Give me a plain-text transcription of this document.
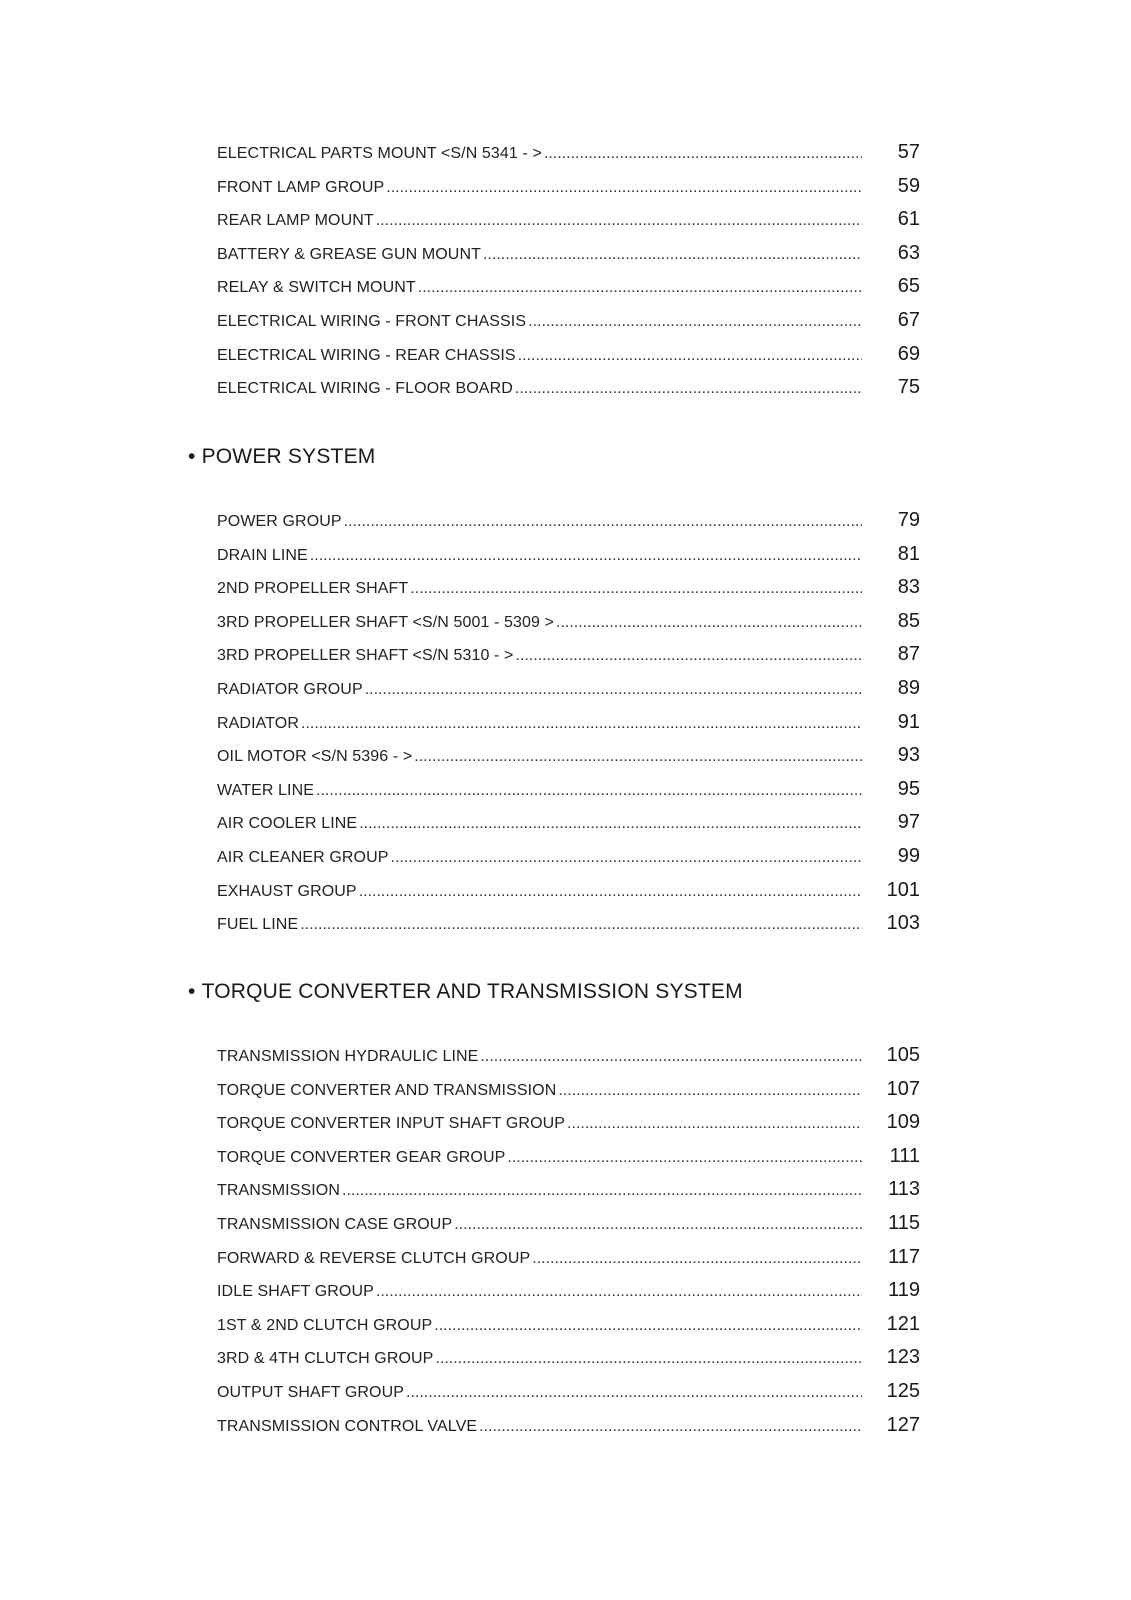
ELECTRICAL PARTS MOUNT <S/N 5341 - > .....	57
FRONT LAMP GROUP .....	59
REAR LAMP MOUNT .....	61
BATTERY & GREASE GUN MOUNT .....	63
RELAY & SWITCH MOUNT .....	65
ELECTRICAL WIRING - FRONT CHASSIS .....	67
ELECTRICAL WIRING - REAR CHASSIS .....	69
ELECTRICAL WIRING - FLOOR BOARD .....	75
• POWER SYSTEM
POWER GROUP .....	79
DRAIN LINE .....	81
2ND PROPELLER SHAFT .....	83
3RD PROPELLER SHAFT <S/N 5001 - 5309 > .....	85
3RD PROPELLER SHAFT <S/N 5310 - > .....	87
RADIATOR GROUP .....	89
RADIATOR .....	91
OIL MOTOR <S/N 5396 - > .....	93
WATER LINE .....	95
AIR COOLER LINE .....	97
AIR CLEANER GROUP .....	99
EXHAUST GROUP .....	101
FUEL LINE .....	103
• TORQUE CONVERTER AND TRANSMISSION SYSTEM
TRANSMISSION HYDRAULIC LINE .....	105
TORQUE CONVERTER AND TRANSMISSION .....	107
TORQUE CONVERTER INPUT SHAFT GROUP .....	109
TORQUE CONVERTER GEAR GROUP .....	111
TRANSMISSION .....	113
TRANSMISSION CASE GROUP .....	115
FORWARD & REVERSE CLUTCH GROUP .....	117
IDLE SHAFT GROUP .....	119
1ST & 2ND CLUTCH GROUP .....	121
3RD & 4TH CLUTCH GROUP .....	123
OUTPUT SHAFT GROUP .....	125
TRANSMISSION CONTROL VALVE .....	127
